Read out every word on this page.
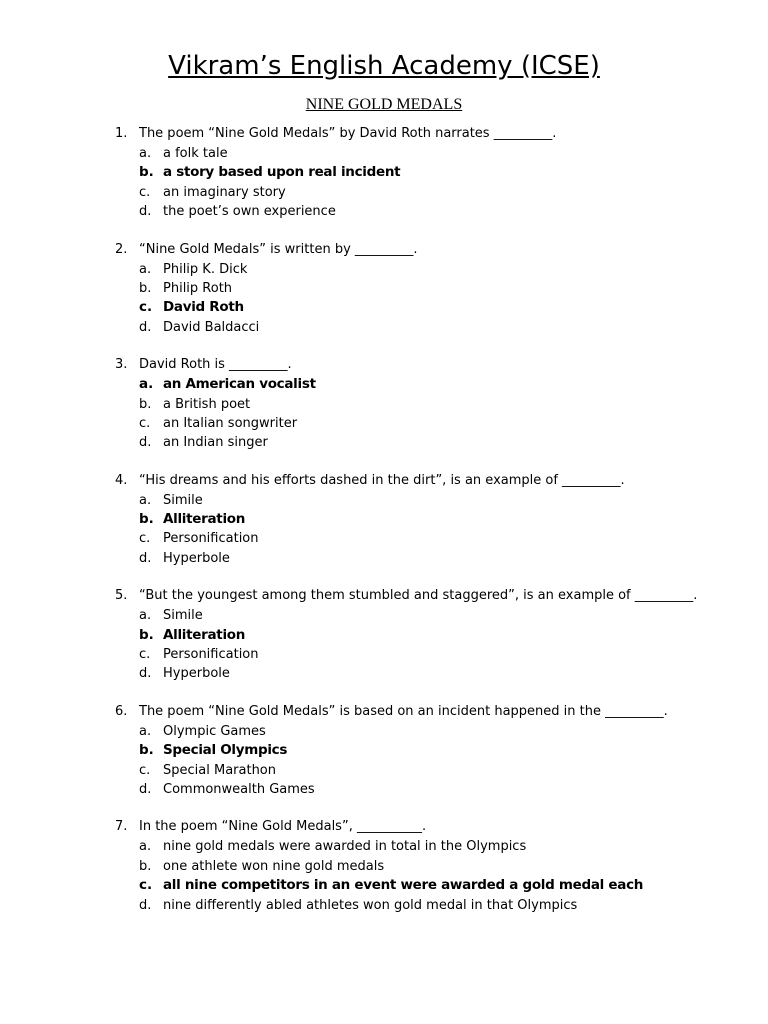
Vikram’s English Academy (ICSE)
NINE GOLD MEDALS
1. The poem “Nine Gold Medals” by David Roth narrates _________.
a. a folk tale
b. a story based upon real incident
c. an imaginary story
d. the poet’s own experience
2. “Nine Gold Medals” is written by _________.
a. Philip K. Dick
b. Philip Roth
c. David Roth
d. David Baldacci
3. David Roth is _________.
a. an American vocalist
b. a British poet
c. an Italian songwriter
d. an Indian singer
4. “His dreams and his efforts dashed in the dirt”, is an example of _________.
a. Simile
b. Alliteration
c. Personification
d. Hyperbole
5. “But the youngest among them stumbled and staggered”, is an example of _________.
a. Simile
b. Alliteration
c. Personification
d. Hyperbole
6. The poem “Nine Gold Medals” is based on an incident happened in the _________.
a. Olympic Games
b. Special Olympics
c. Special Marathon
d. Commonwealth Games
7. In the poem “Nine Gold Medals”, __________.
a. nine gold medals were awarded in total in the Olympics
b. one athlete won nine gold medals
c. all nine competitors in an event were awarded a gold medal each
d. nine differently abled athletes won gold medal in that Olympics
